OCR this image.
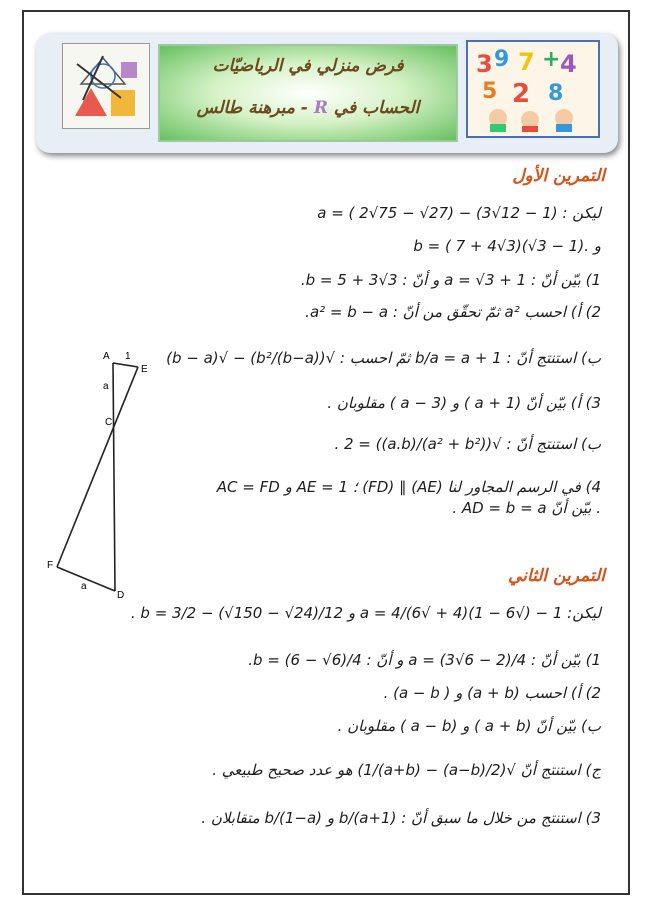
3 9 7 + 4
5 2 8
فرض منزلي في الرياضيّات
الحساب في R - مبرهنة طالس
التمرين الأول
ليكن : a = ( 2√75 − √27) − (3√12 − 1)
و .b = ( 7 + 4√3)(√3 − 1)
1) بيّن أنّ : a = √3 + 1 و أنّ : b = 5 + 3√3.
2) أ) احسب a² ثمّ تحقّق من أنّ : a² = b − a.
ب) استنتج أنّ : b/a = a + 1 ثمّ احسب : √(b²/(b−a)) − √(b − a)
3) أ) بيّن أنّ (1 + a ) و (a − 3 ) مقلوبان .
ب) استنتج أنّ : √((a² + b²)/(a.b)) = 2 .
4) في الرسم المجاور لنا (AE) ∥ (FD) ؛ AE = 1 و AC = FD
. بيّن أنّ AD = b = a .
A 1
E
a
C
F
a
D
التمرين الثاني
ليكن: 1 − (√6 − 1)(4 + √6)/4 = a و b = 3/2 − (√150 − √24)/12 .
1) بيّن أنّ : a = (3√6 − 2)/4 و أنّ : b = (6 − √6)/4.
2) أ) احسب (a + b) و ( a − b) .
ب) بيّن أنّ (a + b ) و (a − b ) مقلوبان .
ج) استنتج أنّ √(2/(a−b) − 1/(a+b)) هو عدد صحيح طبيعي .
3) استنتج من خلال ما سبق أنّ : (a+1)/b و b/(1−a) متقابلان .
